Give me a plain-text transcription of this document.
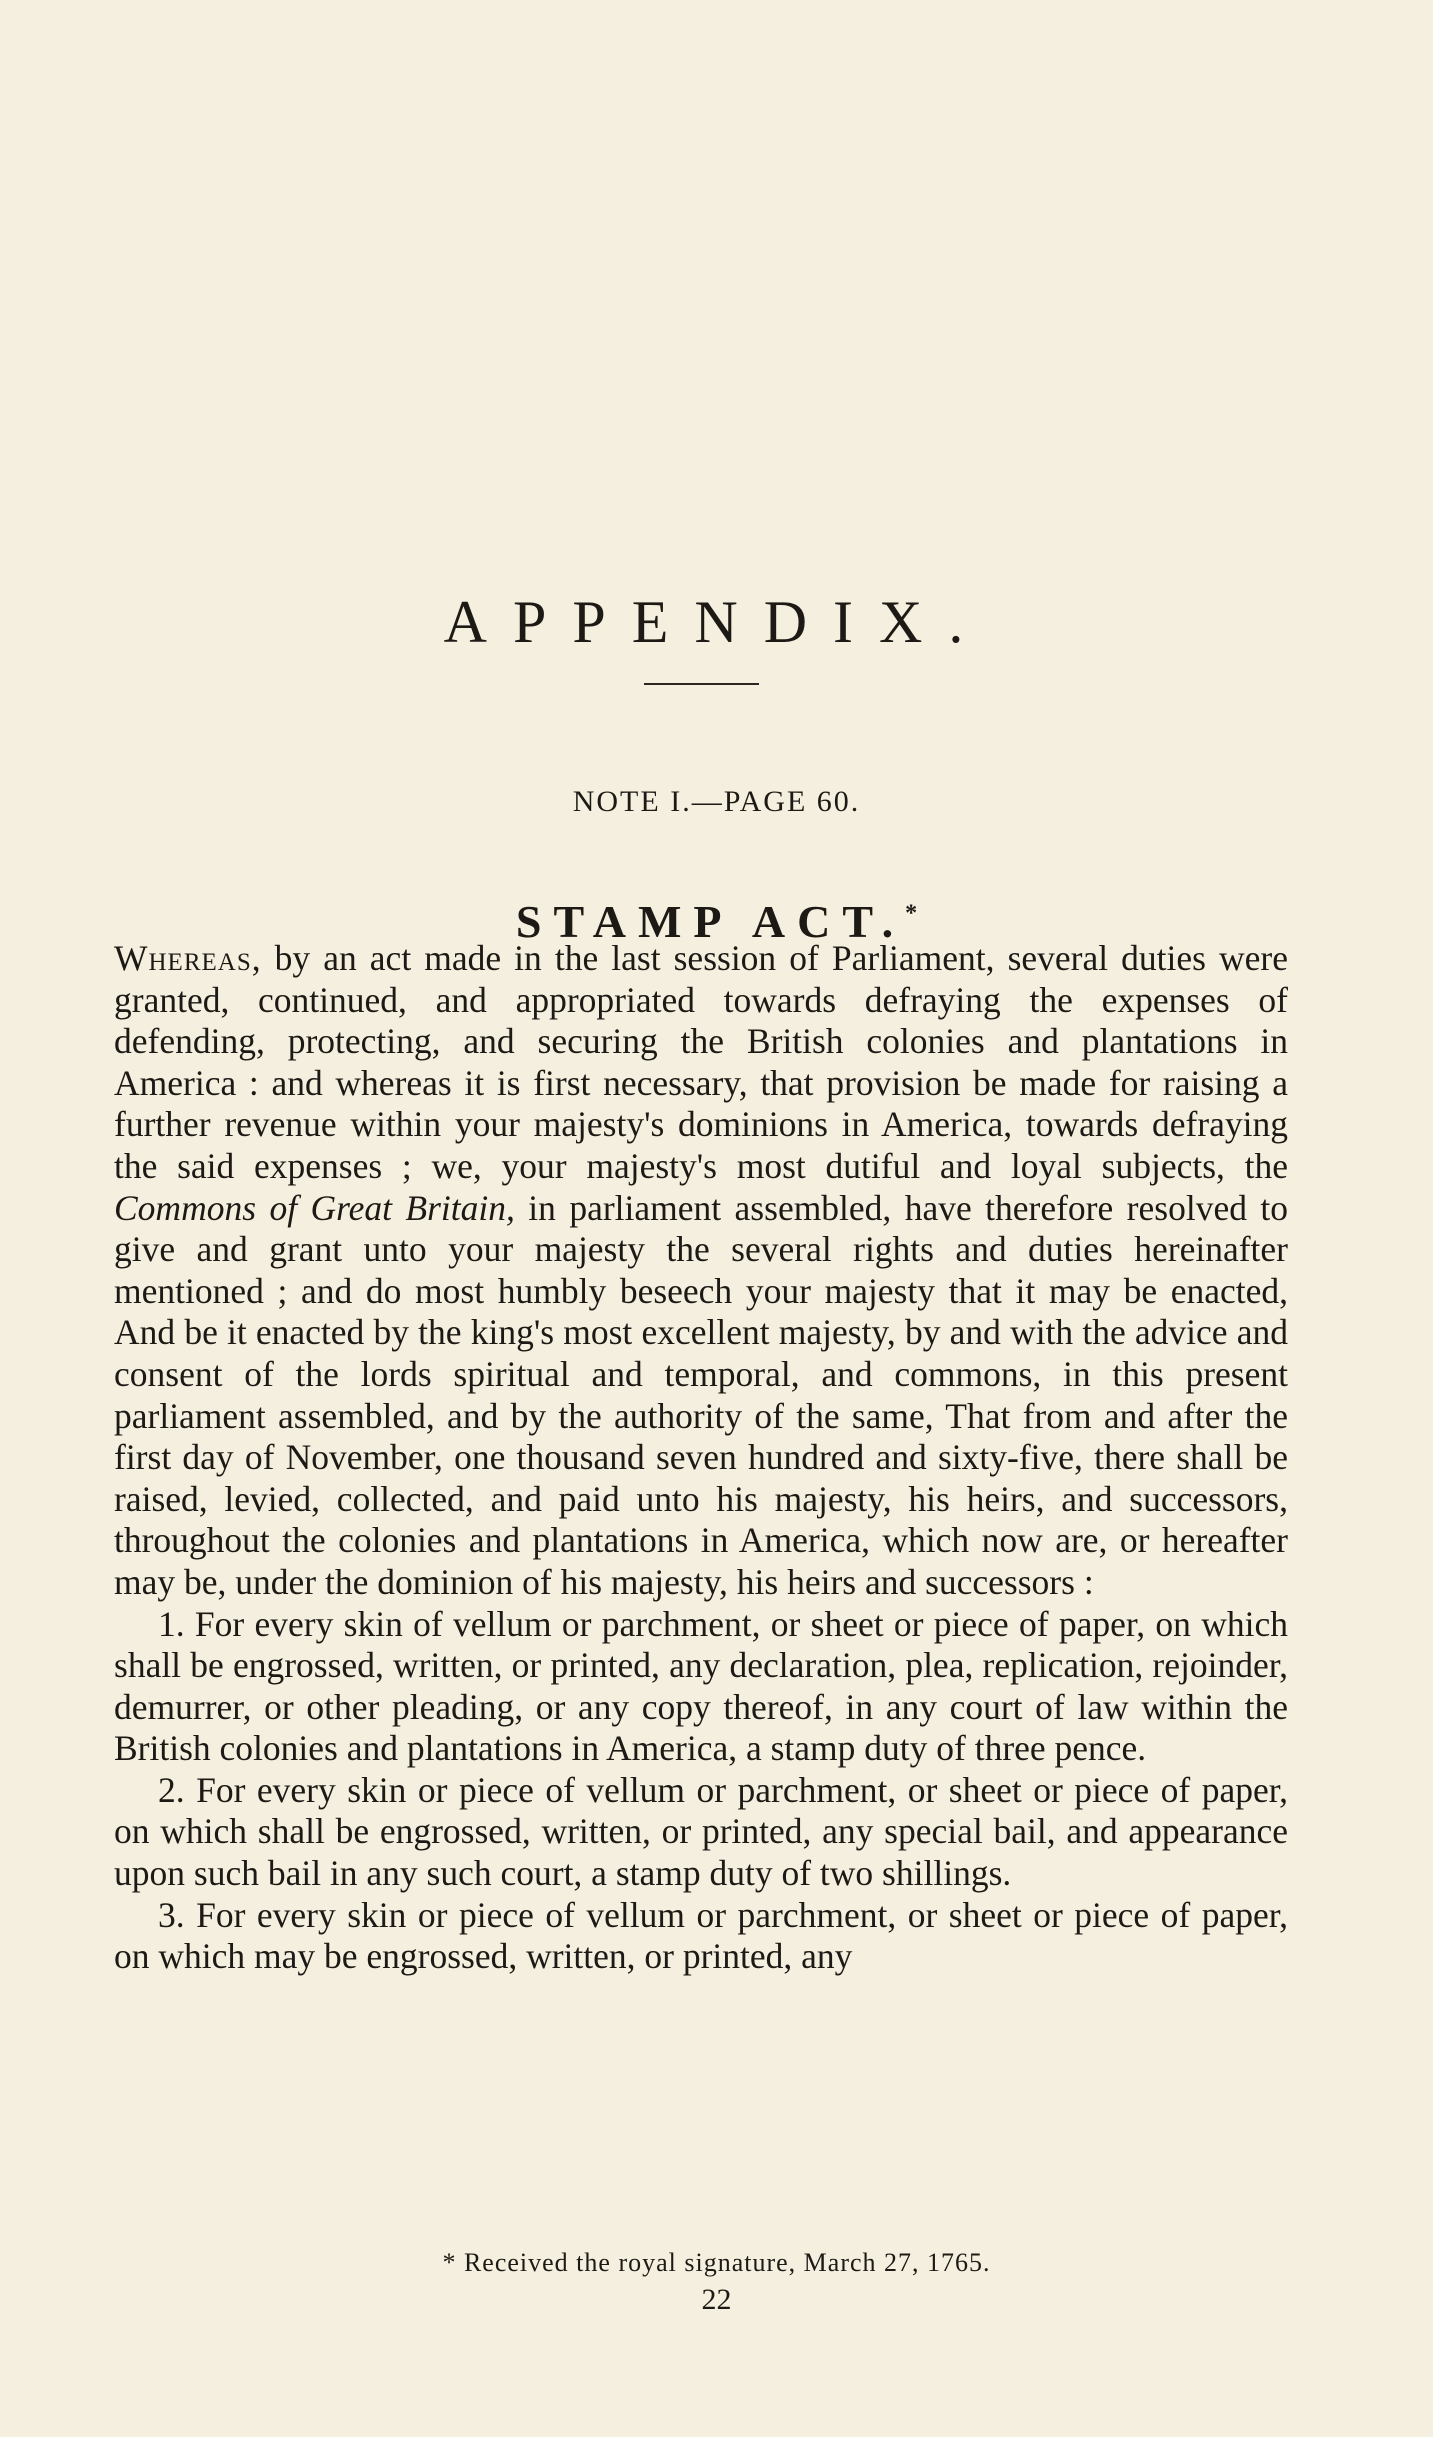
APPENDIX.
NOTE I.—PAGE 60.
STAMP ACT.*

Whereas, by an act made in the last session of Parliament, several duties were granted, continued, and appropriated towards defraying the expenses of defending, protecting, and securing the British colonies and plantations in America : and whereas it is first necessary, that provision be made for raising a further revenue within your majesty's dominions in America, towards defraying the said expenses ; we, your majesty's most dutiful and loyal subjects, the Commons of Great Britain, in parliament assembled, have therefore resolved to give and grant unto your majesty the several rights and duties hereinafter mentioned ; and do most humbly beseech your majesty that it may be enacted, And be it enacted by the king's most excellent majesty, by and with the advice and consent of the lords spiritual and temporal, and commons, in this present parliament assembled, and by the authority of the same, That from and after the first day of November, one thousand seven hundred and sixty-five, there shall be raised, levied, collected, and paid unto his majesty, his heirs, and successors, throughout the colonies and plantations in America, which now are, or hereafter may be, under the dominion of his majesty, his heirs and successors :

1. For every skin of vellum or parchment, or sheet or piece of paper, on which shall be engrossed, written, or printed, any declaration, plea, replication, rejoinder, demurrer, or other pleading, or any copy thereof, in any court of law within the British colonies and plantations in America, a stamp duty of three pence.

2. For every skin or piece of vellum or parchment, or sheet or piece of paper, on which shall be engrossed, written, or printed, any special bail, and appearance upon such bail in any such court, a stamp duty of two shillings.

3. For every skin or piece of vellum or parchment, or sheet or piece of paper, on which may be engrossed, written, or printed, any

* Received the royal signature, March 27, 1765.
22
